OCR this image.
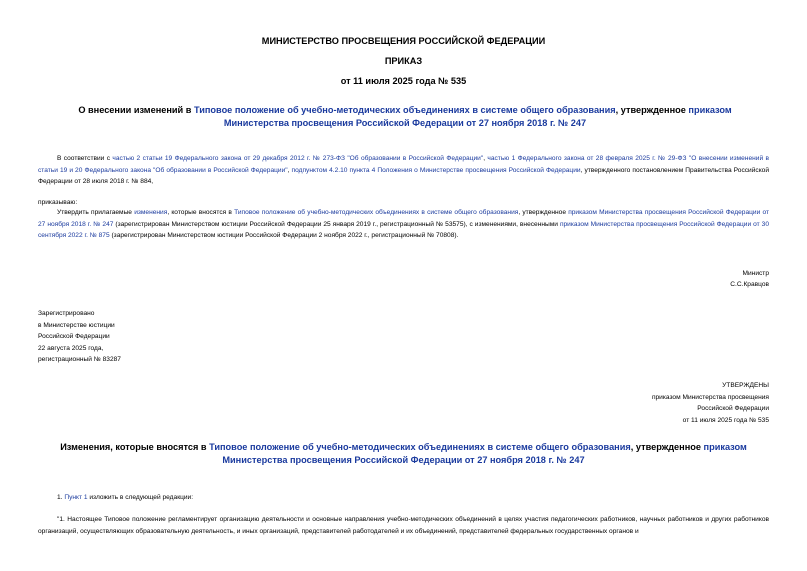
МИНИСТЕРСТВО ПРОСВЕЩЕНИЯ РОССИЙСКОЙ ФЕДЕРАЦИИ
ПРИКАЗ
от 11 июля 2025 года № 535
О внесении изменений в Типовое положение об учебно-методических объединениях в системе общего образования, утвержденное приказом Министерства просвещения Российской Федерации от 27 ноября 2018 г. № 247
В соответствии с частью 2 статьи 19 Федерального закона от 29 декабря 2012 г. № 273-ФЗ "Об образовании в Российской Федерации", частью 1 Федерального закона от 28 февраля 2025 г. № 29-ФЗ "О внесении изменений в статьи 19 и 20 Федерального закона "Об образовании в Российской Федерации", подпунктом 4.2.10 пункта 4 Положения о Министерстве просвещения Российской Федерации, утвержденного постановлением Правительства Российской Федерации от 28 июля 2018 г. № 884,
приказываю:
Утвердить прилагаемые изменения, которые вносятся в Типовое положение об учебно-методических объединениях в системе общего образования, утвержденное приказом Министерства просвещения Российской Федерации от 27 ноября 2018 г. № 247 (зарегистрирован Министерством юстиции Российской Федерации 25 января 2019 г., регистрационный № 53575), с изменениями, внесенными приказом Министерства просвещения Российской Федерации от 30 сентября 2022 г. № 875 (зарегистрирован Министерством юстиции Российской Федерации 2 ноября 2022 г., регистрационный № 70808).
Министр
С.С.Кравцов

Зарегистрировано

в Министерстве юстиции

Российской Федерации

22 августа 2025 года,

регистрационный № 83287

УТВЕРЖДЕНЫ

приказом Министерства просвещения

Российской Федерации

от 11 июля 2025 года № 535

Изменения, которые вносятся в Типовое положение об учебно-методических объединениях в системе общего образования, утвержденное приказом Министерства просвещения Российской Федерации от 27 ноября 2018 г. № 247
1. Пункт 1 изложить в следующей редакции:
"1. Настоящее Типовое положение регламентирует организацию деятельности и основные направления учебно-методических объединений в целях участия педагогических работников, научных работников и других работников организаций, осуществляющих образовательную деятельность, и иных организаций, представителей работодателей и их объединений, представителей федеральных государственных органов и
